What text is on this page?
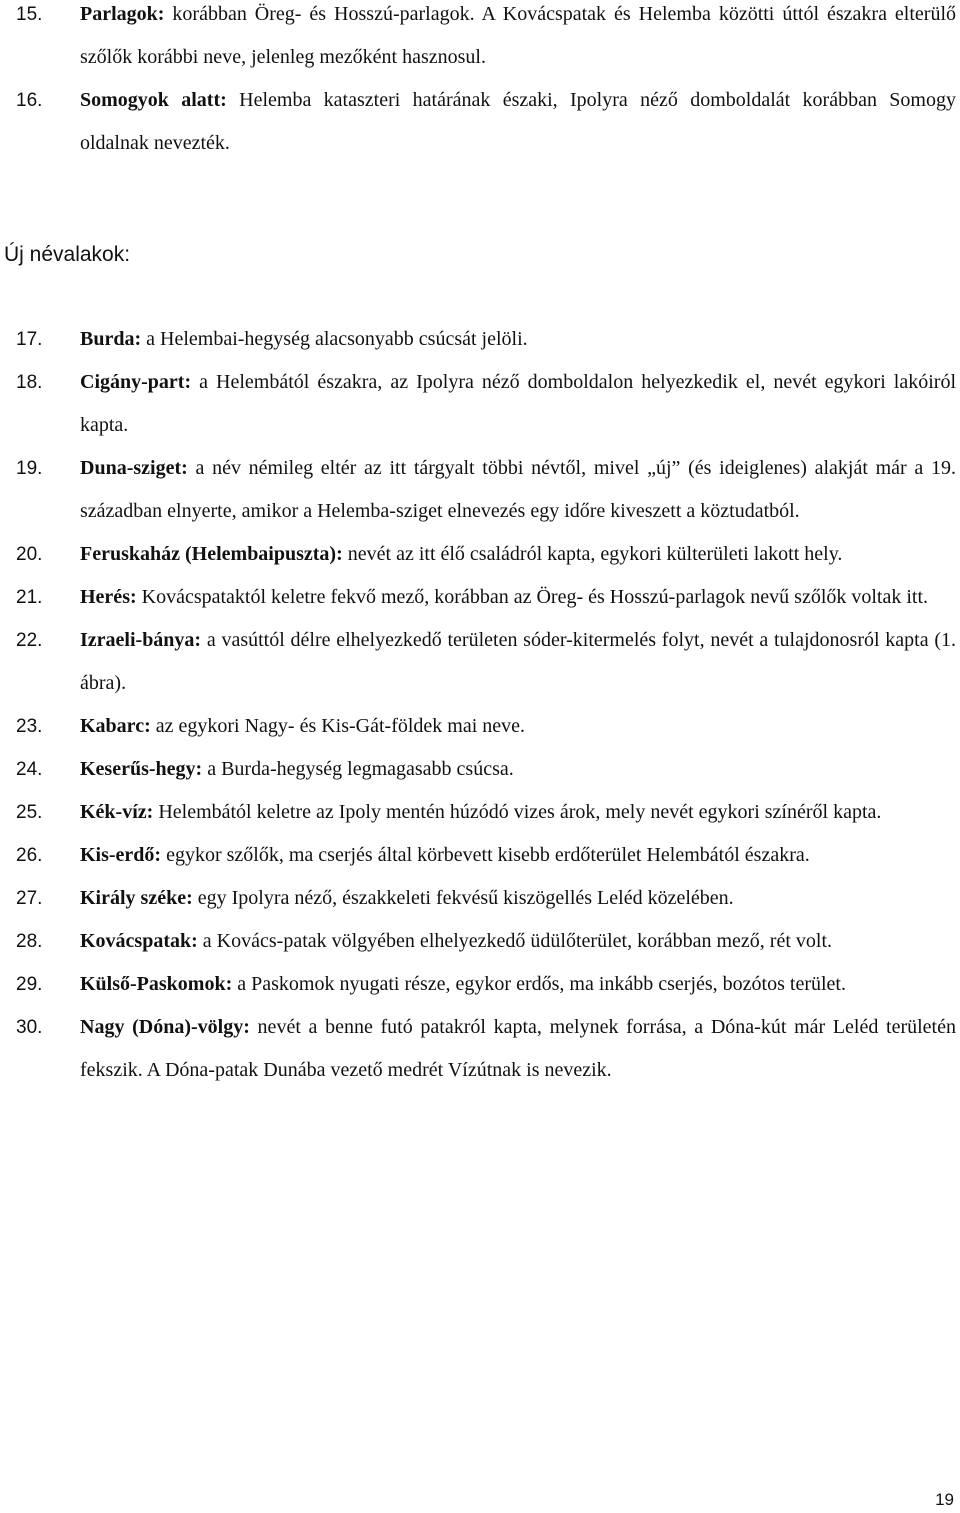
15. Parlagok: korábban Öreg- és Hosszú-parlagok. A Kovácspatak és Helemba közötti úttól északra elterülő szőlők korábbi neve, jelenleg mezőként hasznosul.
16. Somogyok alatt: Helemba kataszteri határának északi, Ipolyra néző domboldalát korábban Somogy oldalnak nevezték.
Új névalakok:
17. Burda: a Helembai-hegység alacsonyabb csúcsát jelöli.
18. Cigány-part: a Helembától északra, az Ipolyra néző domboldalon helyezkedik el, nevét egykori lakóiról kapta.
19. Duna-sziget: a név némileg eltér az itt tárgyalt többi névtől, mivel „új” (és ideiglenes) alakját már a 19. században elnyerte, amikor a Helemba-sziget elnevezés egy időre kiveszett a köztudatból.
20. Feruskaház (Helembaipuszta): nevét az itt élő családról kapta, egykori külterületi lakott hely.
21. Herés: Kovácspataktól keletre fekvő mező, korábban az Öreg- és Hosszú-parlagok nevű szőlők voltak itt.
22. Izraeli-bánya: a vasúttól délre elhelyezkedő területen sóder-kitermelés folyt, nevét a tulajdonosról kapta (1. ábra).
23. Kabarc: az egykori Nagy- és Kis-Gát-földek mai neve.
24. Keserűs-hegy: a Burda-hegység legmagasabb csúcsa.
25. Kék-víz: Helembától keletre az Ipoly mentén húzódó vizes árok, mely nevét egykori színéről kapta.
26. Kis-erdő: egykor szőlők, ma cserjés által körbevett kisebb erdőterület Helembától északra.
27. Király széke: egy Ipolyra néző, északkeleti fekvésű kiszögellés Leléd közelében.
28. Kovácspatak: a Kovács-patak völgyében elhelyezkedő üdülőterület, korábban mező, rét volt.
29. Külső-Paskomok: a Paskomok nyugati része, egykor erdős, ma inkább cserjés, bozótos terület.
30. Nagy (Dóna)-völgy: nevét a benne futó patakról kapta, melynek forrása, a Dóna-kút már Leléd területén fekszik. A Dóna-patak Dunába vezető medrét Vízútnak is nevezik.
19
